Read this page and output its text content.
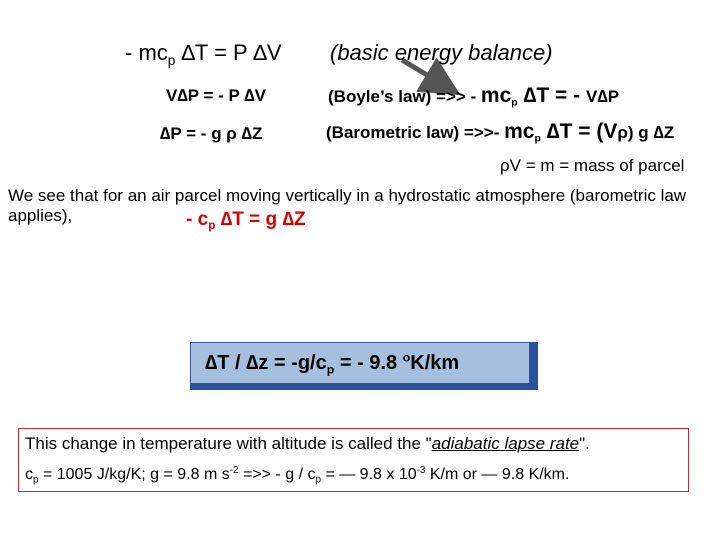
- $mc_p$ ∆T = P ∆V (basic energy balance)
V∆P = - P ∆V	(Boyle’s law) =>> - $mc_p$ ∆T = - V∆P
∆P = - g ρ ∆Z	(Barometric law) =>>- $mc_p$ ∆T = (Vρ) g ∆Z
ρV = m = mass of parcel
We see that for an air parcel moving vertically in a hydrostatic atmosphere (barometric law applies),	- $c_p$ ∆T = g ∆Z
$\Delta T / \Delta z = -g/c_p$ = - 9.8 $^o$K/km
This change in temperature with altitude is called the "adiabatic lapse rate".
$c_p = 1005$ J/kg/K; g = 9.8 m $s^{-2}$ =>> - g / $c_p$ = — 9.8 x $10^{-3}$ K/m or — 9.8 K/km.
